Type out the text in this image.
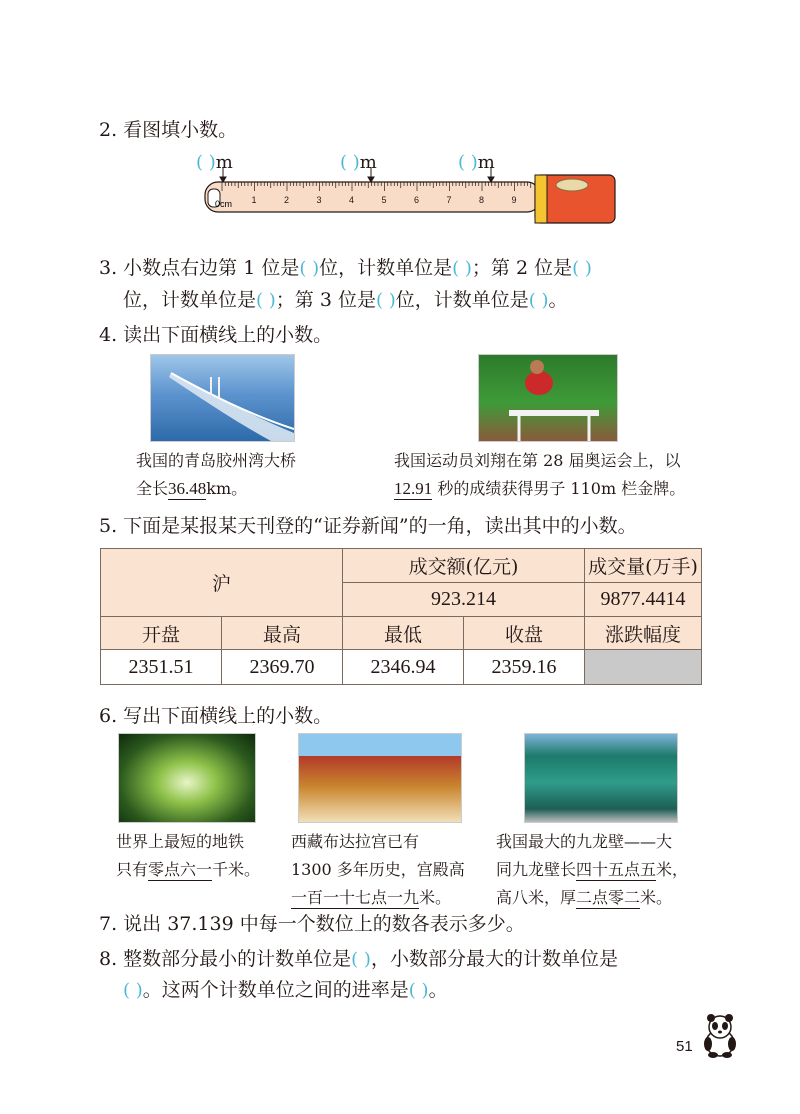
2. 看图填小数。
( )m	( )m	( )m
0cm 1	2	3	4	5	6	7	8	9
3. 小数点右边第 1 位是( )位，计数单位是( )；第 2 位是( )
位，计数单位是( )；第 3 位是( )位，计数单位是( )。
4. 读出下面横线上的小数。
我国的青岛胶州湾大桥
全长36.48km。
我国运动员刘翔在第 28 届奥运会上，以
12.91 秒的成绩获得男子 110m 栏金牌。
5. 下面是某报某天刊登的“证券新闻”的一角，读出其中的小数。
沪		成交额(亿元)		成交量(万手)
		923.214		9877.4414
开盘	最高	最低	收盘	涨跌幅度
2351.51	2369.70	2346.94	2359.16	
6. 写出下面横线上的小数。
世界上最短的地铁
只有零点六一千米。
西藏布达拉宫已有
1300 多年历史，宫殿高
一百一十七点一九米。
我国最大的九龙壁——大
同九龙壁长四十五点五米，
高八米，厚二点零二米。
7. 说出 37.139 中每一个数位上的数各表示多少。
8. 整数部分最小的计数单位是( )，小数部分最大的计数单位是
( )。这两个计数单位之间的进率是( )。
51
